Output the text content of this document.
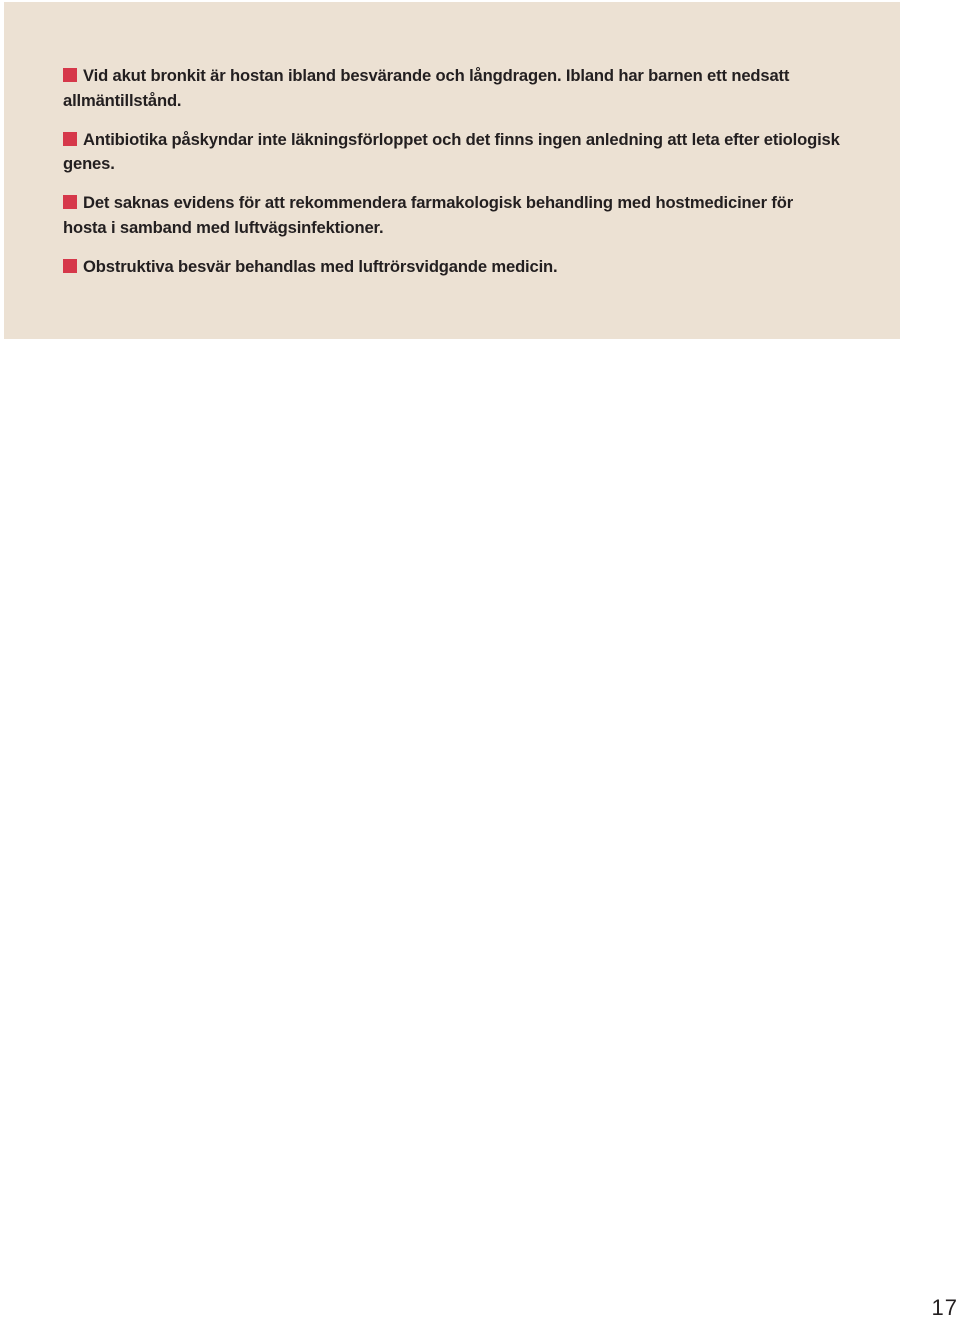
Vid akut bronkit är hostan ibland besvärande och långdragen. Ibland har barnen ett nedsatt allmäntillstånd.
Antibiotika påskyndar inte läkningsförloppet och det finns ingen anledning att leta efter etiologisk genes.
Det saknas evidens för att rekommendera farmakologisk behandling med hostmediciner för hosta i samband med luftvägsinfektioner.
Obstruktiva besvär behandlas med luftrörsvidgande medicin.
17
